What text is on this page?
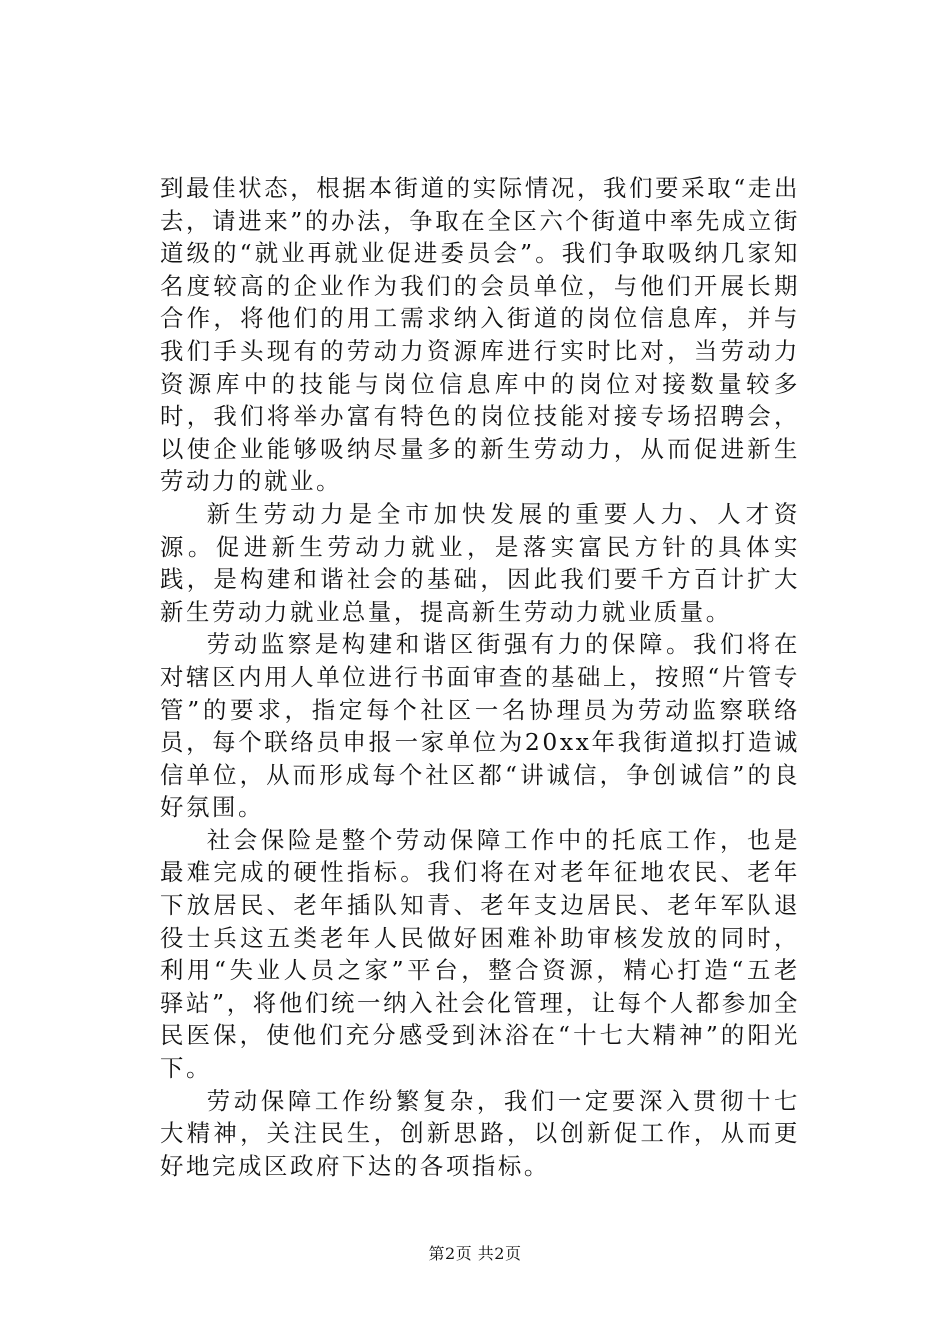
到最佳状态，根据本街道的实际情况，我们要采取“走出去，请进来”的办法，争取在全区六个街道中率先成立街道级的“就业再就业促进委员会”。我们争取吸纳几家知名度较高的企业作为我们的会员单位，与他们开展长期合作，将他们的用工需求纳入街道的岗位信息库，并与我们手头现有的劳动力资源库进行实时比对，当劳动力资源库中的技能与岗位信息库中的岗位对接数量较多时，我们将举办富有特色的岗位技能对接专场招聘会，以使企业能够吸纳尽量多的新生劳动力，从而促进新生劳动力的就业。

新生劳动力是全市加快发展的重要人力、人才资源。促进新生劳动力就业，是落实富民方针的具体实践，是构建和谐社会的基础，因此我们要千方百计扩大新生劳动力就业总量，提高新生劳动力就业质量。

劳动监察是构建和谐区街强有力的保障。我们将在对辖区内用人单位进行书面审查的基础上，按照“片管专管”的要求，指定每个社区一名协理员为劳动监察联络员，每个联络员申报一家单位为20xx年我街道拟打造诚信单位，从而形成每个社区都“讲诚信，争创诚信”的良好氛围。

社会保险是整个劳动保障工作中的托底工作，也是最难完成的硬性指标。我们将在对老年征地农民、老年下放居民、老年插队知青、老年支边居民、老年军队退役士兵这五类老年人民做好困难补助审核发放的同时，利用“失业人员之家”平台，整合资源，精心打造“五老驿站”，将他们统一纳入社会化管理，让每个人都参加全民医保，使他们充分感受到沐浴在“十七大精神”的阳光下。

劳动保障工作纷繁复杂，我们一定要深入贯彻十七大精神，关注民生，创新思路，以创新促工作，从而更好地完成区政府下达的各项指标。

第2页 共2页
